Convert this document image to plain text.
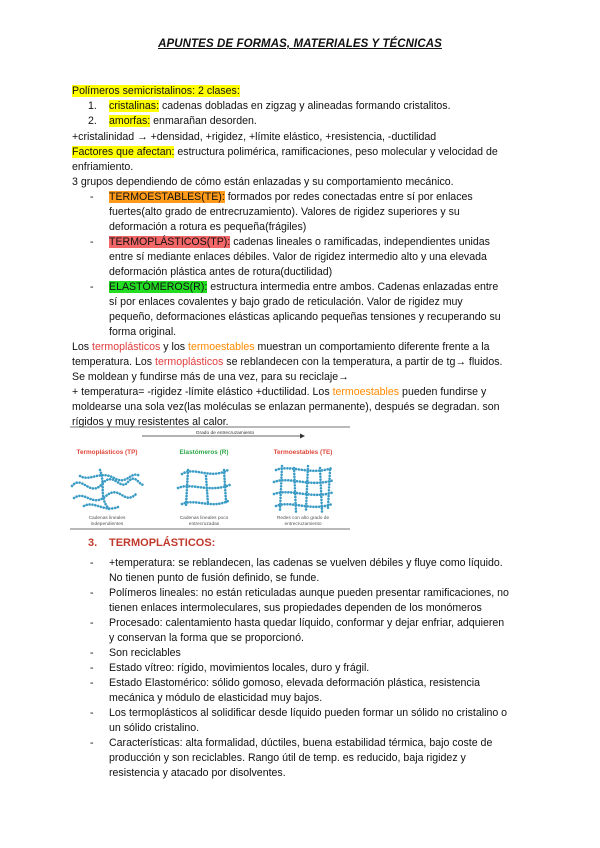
APUNTES DE FORMAS, MATERIALES Y TÉCNICAS
Polímeros semicristalinos: 2 clases:
1. cristalinas: cadenas dobladas en zigzag y alineadas formando cristalitos.
2. amorfas: enmarañan desorden.
+cristalinidad → +densidad, +rigidez, +límite elástico, +resistencia, -ductilidad
Factores que afectan: estructura polimérica, ramificaciones, peso molecular y velocidad de
enfriamiento.
3 grupos dependiendo de cómo están enlazadas y su comportamiento mecánico.
- TERMOESTABLES(TE): formados por redes conectadas entre sí por enlaces
fuertes(alto grado de entrecruzamiento). Valores de rigidez superiores y su
deformación a rotura es pequeña(frágiles)
- TERMOPLÁSTICOS(TP): cadenas lineales o ramificadas, independientes unidas
entre sí mediante enlaces débiles. Valor de rigidez intermedio alto y una elevada
deformación plástica antes de rotura(ductilidad)
- ELASTÓMEROS(R): estructura intermedia entre ambos. Cadenas enlazadas entre
sí por enlaces covalentes y bajo grado de reticulación. Valor de rigidez muy
pequeño, deformaciones elásticas aplicando pequeñas tensiones y recuperando su
forma original.
Los termoplásticos y los termoestables muestran un comportamiento diferente frente a la
temperatura. Los termoplásticos se reblandecen con la temperatura, a partir de tg→ fluidos.
Se moldean y fundirse más de una vez, para su reciclaje→
+ temperatura= -rigidez -límite elástico +ductilidad. Los termoestables pueden fundirse y
moldearse una sola vez(las moléculas se enlazan permanente), después se degradan. son
rígidos y muy resistentes al calor.
Grado de entrecruzamiento
Termoplásticos (TP)	Elastómeros (R)	Termoestables (TE)
Cadenas lineales
independientes
Cadenas lineales poco
entrecruzadas
Redes con alto grado de
entrecruzamiento
3. TERMOPLÁSTICOS:
- +temperatura: se reblandecen, las cadenas se vuelven débiles y fluye como líquido.
No tienen punto de fusión definido, se funde.
- Polímeros lineales: no están reticuladas aunque pueden presentar ramificaciones, no
tienen enlaces intermoleculares, sus propiedades dependen de los monómeros
- Procesado: calentamiento hasta quedar líquido, conformar y dejar enfriar, adquieren
y conservan la forma que se proporcionó.
- Son reciclables
- Estado vítreo: rígido, movimientos locales, duro y frágil.
- Estado Elastomérico: sólido gomoso, elevada deformación plástica, resistencia
mecánica y módulo de elasticidad muy bajos.
- Los termoplásticos al solidificar desde líquido pueden formar un sólido no cristalino o
un sólido cristalino.
- Características: alta formalidad, dúctiles, buena estabilidad térmica, bajo coste de
producción y son reciclables. Rango útil de temp. es reducido, baja rigidez y
resistencia y atacado por disolventes.
